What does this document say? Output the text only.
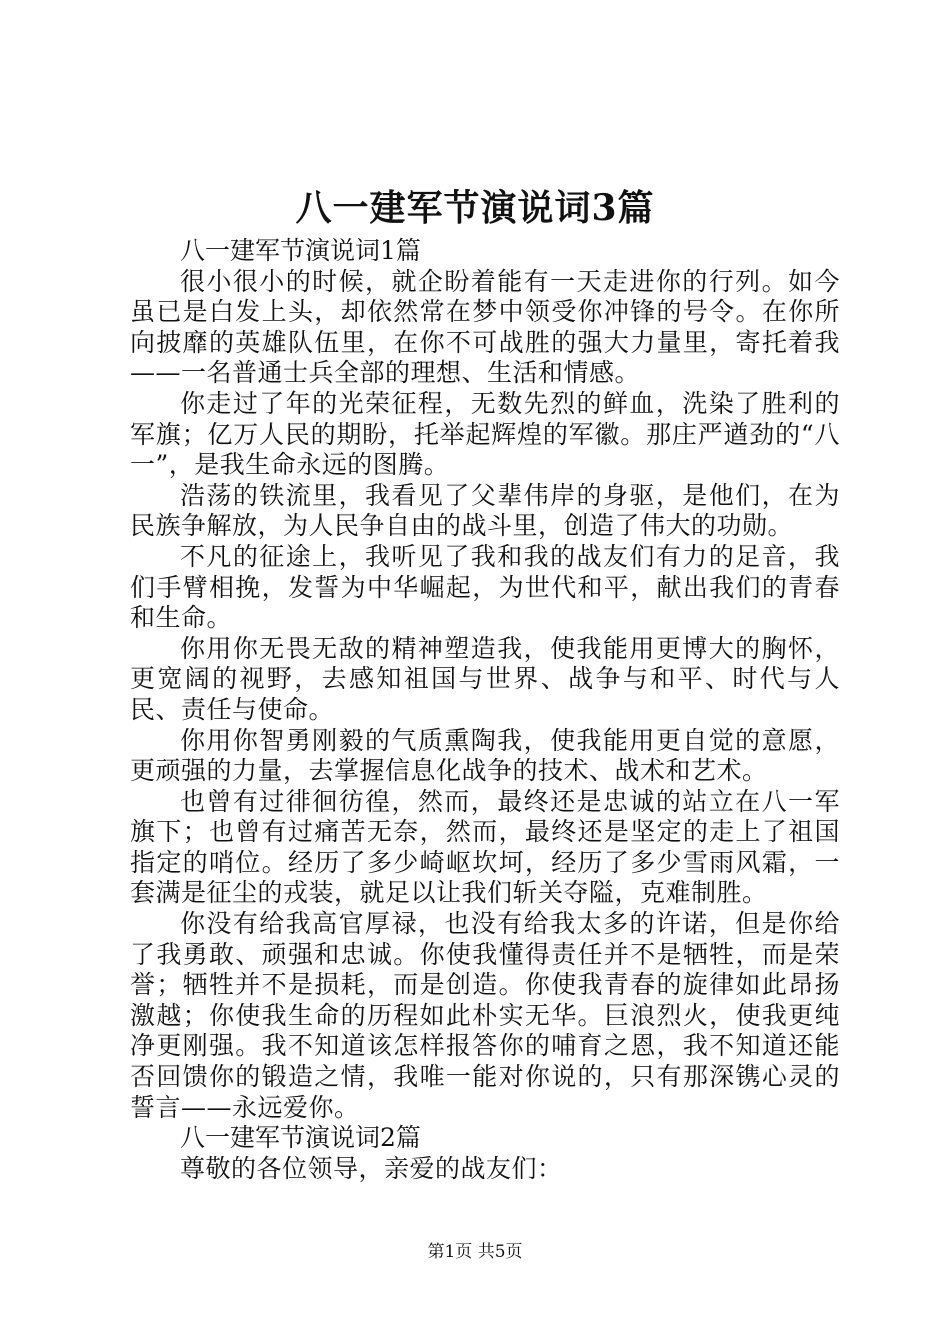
八一建军节演说词3篇

八一建军节演说词1篇

很小很小的时候，就企盼着能有一天走进你的行列。如今虽已是白发上头，却依然常在梦中领受你冲锋的号令。在你所向披靡的英雄队伍里，在你不可战胜的强大力量里，寄托着我——一名普通士兵全部的理想、生活和情感。

你走过了年的光荣征程，无数先烈的鲜血，洗染了胜利的军旗；亿万人民的期盼，托举起辉煌的军徽。那庄严遒劲的“八一”，是我生命永远的图腾。

浩荡的铁流里，我看见了父辈伟岸的身驱，是他们，在为民族争解放，为人民争自由的战斗里，创造了伟大的功勋。

不凡的征途上，我听见了我和我的战友们有力的足音，我们手臂相挽，发誓为中华崛起，为世代和平，献出我们的青春和生命。

你用你无畏无敌的精神塑造我，使我能用更博大的胸怀，更宽阔的视野，去感知祖国与世界、战争与和平、时代与人民、责任与使命。

你用你智勇刚毅的气质熏陶我，使我能用更自觉的意愿，更顽强的力量，去掌握信息化战争的技术、战术和艺术。

也曾有过徘徊彷徨，然而，最终还是忠诚的站立在八一军旗下；也曾有过痛苦无奈，然而，最终还是坚定的走上了祖国指定的哨位。经历了多少崎岖坎坷，经历了多少雪雨风霜，一套满是征尘的戎装，就足以让我们斩关夺隘，克难制胜。

你没有给我高官厚禄，也没有给我太多的许诺，但是你给了我勇敢、顽强和忠诚。你使我懂得责任并不是牺牲，而是荣誉；牺牲并不是损耗，而是创造。你使我青春的旋律如此昂扬激越；你使我生命的历程如此朴实无华。巨浪烈火，使我更纯净更刚强。我不知道该怎样报答你的哺育之恩，我不知道还能否回馈你的锻造之情，我唯一能对你说的，只有那深镌心灵的誓言——永远爱你。

八一建军节演说词2篇

尊敬的各位领导，亲爱的战友们：

第1页 共5页
